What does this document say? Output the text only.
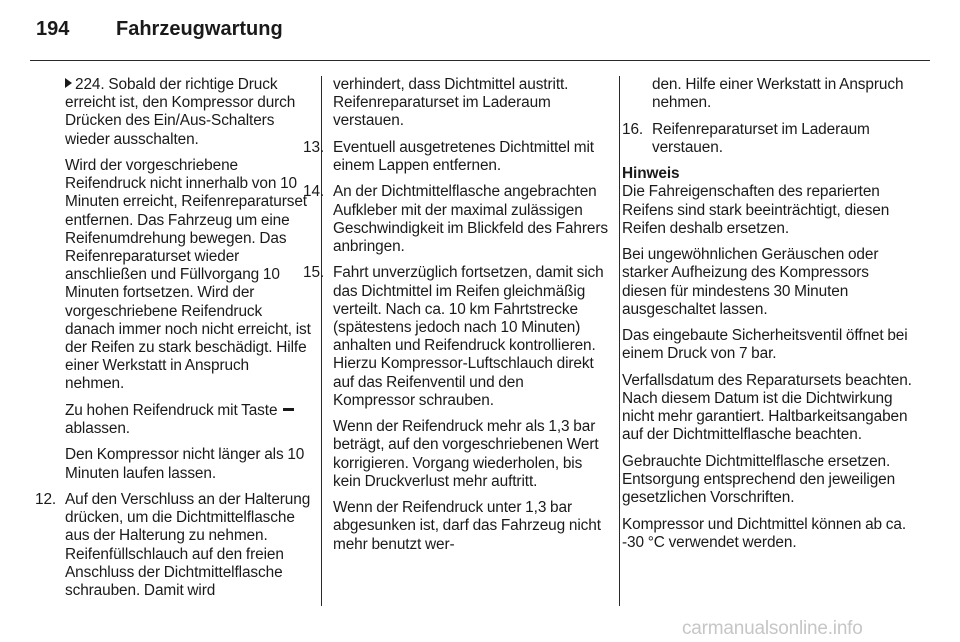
194 Fahrzeugwartung

224. Sobald der richtige Druck erreicht ist, den Kompressor durch Drücken des Ein/Aus-Schalters wieder ausschalten.

Wird der vorgeschriebene Reifendruck nicht innerhalb von 10 Minuten erreicht, Reifenreparaturset entfernen. Das Fahrzeug um eine Reifenumdrehung bewegen. Das Reifenreparaturset wieder anschließen und Füllvorgang 10 Minuten fortsetzen. Wird der vorgeschriebene Reifendruck danach immer noch nicht erreicht, ist der Reifen zu stark beschädigt. Hilfe einer Werkstatt in Anspruch nehmen.

Zu hohen Reifendruck mit Taste  ablassen.

Den Kompressor nicht länger als 10 Minuten laufen lassen.

12. Auf den Verschluss an der Halterung drücken, um die Dichtmittelflasche aus der Halterung zu nehmen. Reifenfüllschlauch auf den freien Anschluss der Dichtmittelflasche schrauben. Damit wird

verhindert, dass Dichtmittel austritt. Reifenreparaturset im Laderaum verstauen.

13. Eventuell ausgetretenes Dichtmittel mit einem Lappen entfernen.
14. An der Dichtmittelflasche angebrachten Aufkleber mit der maximal zulässigen Geschwindigkeit im Blickfeld des Fahrers anbringen.
15. Fahrt unverzüglich fortsetzen, damit sich das Dichtmittel im Reifen gleichmäßig verteilt. Nach ca. 10 km Fahrtstrecke (spätestens jedoch nach 10 Minuten) anhalten und Reifendruck kontrollieren. Hierzu Kompressor-Luftschlauch direkt auf das Reifenventil und den Kompressor schrauben.

Wenn der Reifendruck mehr als 1,3 bar beträgt, auf den vorgeschriebenen Wert korrigieren. Vorgang wiederholen, bis kein Druckverlust mehr auftritt.

Wenn der Reifendruck unter 1,3 bar abgesunken ist, darf das Fahrzeug nicht mehr benutzt wer-

den. Hilfe einer Werkstatt in Anspruch nehmen.

16. Reifenreparaturset im Laderaum verstauen.

Hinweis

Die Fahreigenschaften des reparierten Reifens sind stark beeinträchtigt, diesen Reifen deshalb ersetzen.

Bei ungewöhnlichen Geräuschen oder starker Aufheizung des Kompressors diesen für mindestens 30 Minuten ausgeschaltet lassen.

Das eingebaute Sicherheitsventil öffnet bei einem Druck von 7 bar.

Verfallsdatum des Reparatursets beachten. Nach diesem Datum ist die Dichtwirkung nicht mehr garantiert. Haltbarkeitsangaben auf der Dichtmittelflasche beachten.

Gebrauchte Dichtmittelflasche ersetzen. Entsorgung entsprechend den jeweiligen gesetzlichen Vorschriften.

Kompressor und Dichtmittel können ab ca. -30 °C verwendet werden.

carmanualsonline.info
